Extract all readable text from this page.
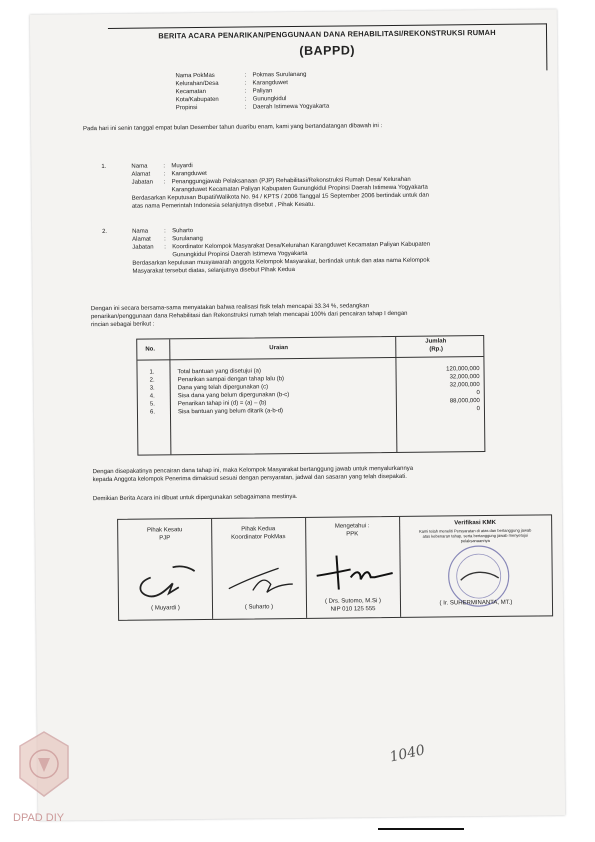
BERITA ACARA PENARIKAN/PENGGUNAAN DANA REHABILITASI/REKONSTRUKSI RUMAH
(BAPPD)
Nama PokMas	: Pokmas Surulanang
Kelurahan/Desa	: Karangduwet
Kecamatan	: Paliyan
Kota/Kabupaten	: Gunungkidul
Propinsi	: Daerah Istimewa Yogyakarta
Pada hari ini senin tanggal empat bulan Desember tahun duaribu enam, kami yang bertandatangan dibawah ini :
1.	Nama	: Muyardi
Alamat : Karangduwet
Jabatan : Penanggungjawab Pelaksanaan (PJP) Rehabilitasi/Rekonstruksi Rumah Desa/ Kelurahan
Karangduwet Kecamatan Paliyan Kabupaten Gunungkidul Propinsi Daerah Istimewa Yogyakarta
Berdasarkan Keputusan Bupati/Walikota No. 94 / KPTS / 2006 Tanggal 15 September 2006 bertindak untuk dan
atas nama Pemerintah Indonesia selanjutnya disebut , Pihak Kesatu.
2.	Nama	: Suharto
Alamat : Surulanang
Jabatan : Koordinator Kelompok Masyarakat Desa/Kelurahan Karangduwet Kecamatan Paliyan Kabupaten
Gunungkidul Propinsi Daerah Istimewa Yogyakarta
Berdasarkan kepulusan musyawarah anggota Kelompok Masyarakat, bertindak untuk dan atas nama Kelompok
Masyarakat tersebut diatas, selanjutnya disebut Pihak Kedua
Dengan ini secara bersama-sama menyatakan bahwa realisasi fisik telah mencapai 33.34 %, sedangkan
penarikan/penggunaan dana Rehabilitasi dan Rekonstruksi rumah telah mencapai 100% dari pencairan tahap I dengan
rincian sebagai berikut :
No.	Uraian
Jumlah
(Rp.)
1.	Total bantuan yang disetujui (a)	120,000,000
2.	Penarikan sampai dengan tahap lalu (b)	32,000,000
3.	Dana yang telah dipergunakan (c)	32,000,000
4.	Sisa dana yang belum dipergunakan (b-c)	0
5.	Penarikan tahap ini (d) = (a) – (b)	88,000,000
6.	Sisa bantuan yang belum ditarik (a-b-d)	0
Dengan disepakatinya pencairan dana tahap ini, maka Kelompok Masyarakat bertanggung jawab untuk menyalurkannya
kepada Anggota kelompok Penerima dimaksud sesuai dengan persyaratan, jadwal dan sasaran yang telah disepakati.
Demikian Berita Acara ini dibuat untuk dipergunakan sebagaimana mestinya.
Pihak Kesatu
PJP
( Muyardi )
Pihak Kedua
Koordinator PokMas
( Suharto )
Mengetahui :
PPK
( Drs. Sutomo, M.Si )
NIP 010 125 555
Verifikasi KMK
Kami telah meneliti Persyaratan di atas dan bertanggung jawab
atas kebenaran tahap, serta bertanggung jawab menyetujui
pelaksanaannya
( Ir. SUHERMINANTA, MT.)
1040
DPAD DIY
